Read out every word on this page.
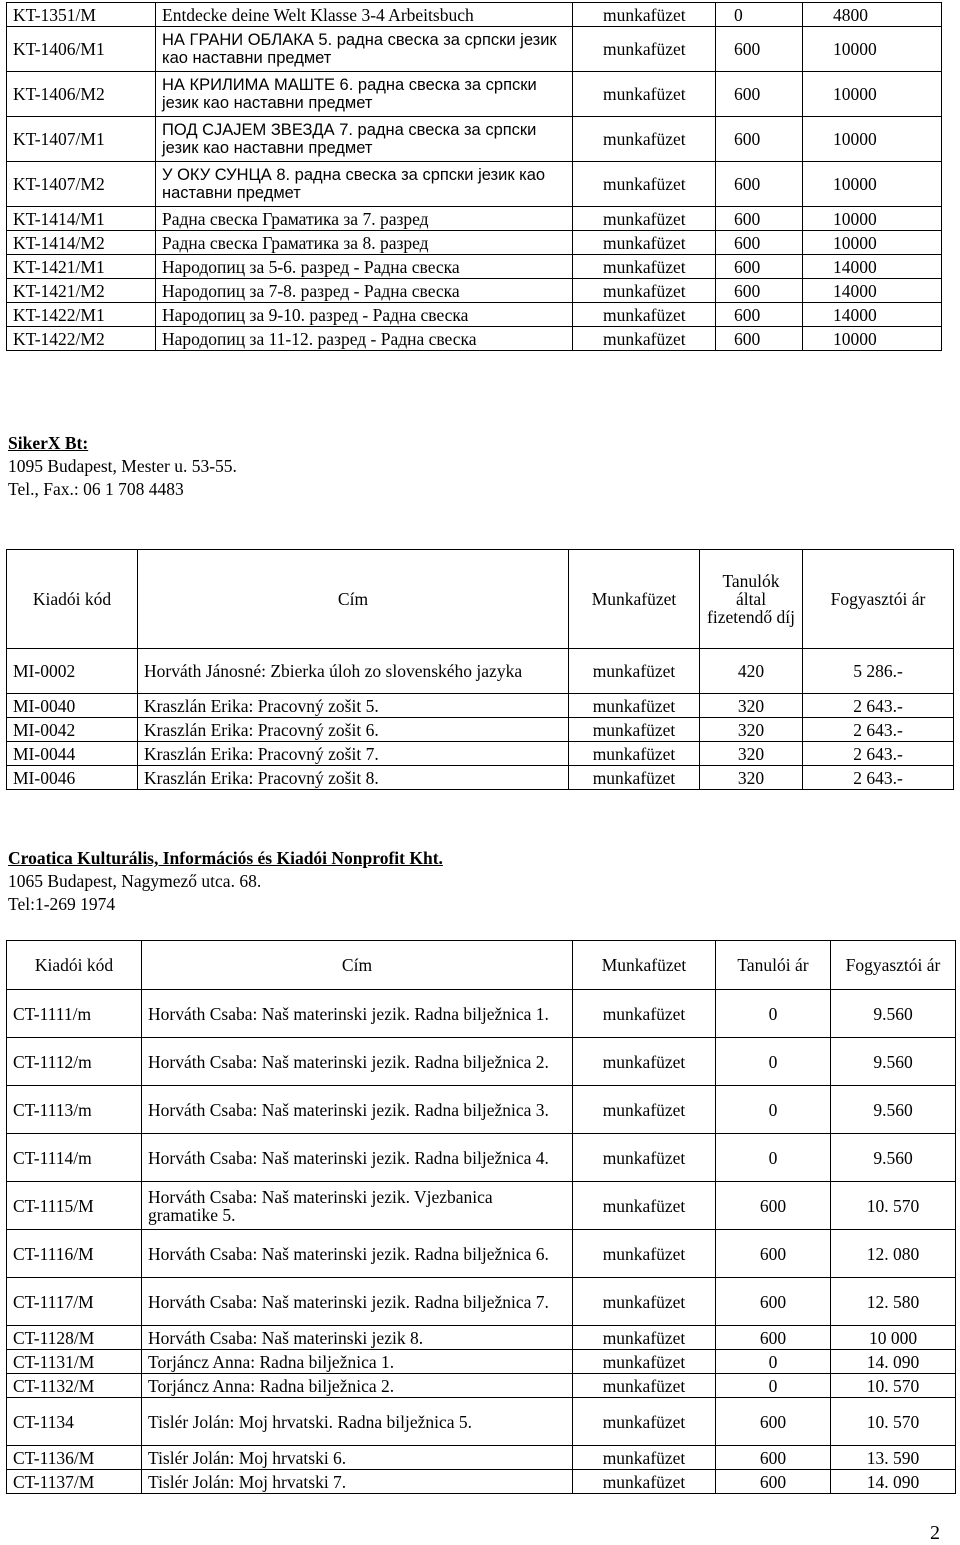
KT-1351/M	Entdecke deine Welt Klasse 3-4 Arbeitsbuch	munkafüzet	0	4800
KT-1406/M1	НА ГРАНИ ОБЛАКА 5. радна свеска за српски језик као наставни предмет	munkafüzet	600	10000
KT-1406/M2	НА КРИЛИМА МАШТЕ 6. радна свеска за српски језик као наставни предмет	munkafüzet	600	10000
KT-1407/M1	ПОД СЈАЈЕМ ЗВЕЗДА 7. радна свеска за српски језик као наставни предмет	munkafüzet	600	10000
KT-1407/M2	У ОКУ СУНЦА 8. радна свеска за српски језик као наставни предмет	munkafüzet	600	10000
KT-1414/M1	Радна свеска Граматика за 7. разред	munkafüzet	600	10000
KT-1414/M2	Радна свеска Граматика за 8. разред	munkafüzet	600	10000
KT-1421/M1	Народопиц за 5-6. разред - Радна свеска	munkafüzet	600	14000
KT-1421/M2	Народопиц за 7-8. разред - Радна свеска	munkafüzet	600	14000
KT-1422/M1	Народопиц за 9-10. разред - Радна свеска	munkafüzet	600	14000
KT-1422/M2	Народопиц за 11-12. разред - Радна свеска	munkafüzet	600	10000
SikerX Bt:
1095 Budapest, Mester u. 53-55.
Tel., Fax.: 06 1 708 4483
Kiadói kód	Cím	Munkafüzet	Tanulók által fizetendő díj	Fogyasztói ár
MI-0002	Horváth Jánosné: Zbierka úloh zo slovenského jazyka	munkafüzet	420	5 286.-
MI-0040	Kraszlán Erika: Pracovný zošit 5.	munkafüzet	320	2 643.-
MI-0042	Kraszlán Erika: Pracovný zošit 6.	munkafüzet	320	2 643.-
MI-0044	Kraszlán Erika: Pracovný zošit 7.	munkafüzet	320	2 643.-
MI-0046	Kraszlán Erika: Pracovný zošit 8.	munkafüzet	320	2 643.-
Croatica Kulturális, Információs és Kiadói Nonprofit Kht.
1065 Budapest, Nagymező utca. 68.
Tel:1-269 1974
Kiadói kód	Cím	Munkafüzet	Tanulói ár	Fogyasztói ár
CT-1111/m	Horváth Csaba: Naš materinski jezik. Radna bilježnica 1.	munkafüzet	0	9.560
CT-1112/m	Horváth Csaba: Naš materinski jezik. Radna bilježnica 2.	munkafüzet	0	9.560
CT-1113/m	Horváth Csaba: Naš materinski jezik. Radna bilježnica 3.	munkafüzet	0	9.560
CT-1114/m	Horváth Csaba: Naš materinski jezik. Radna bilježnica 4.	munkafüzet	0	9.560
CT-1115/M	Horváth Csaba: Naš materinski jezik. Vjezbanica gramatike 5.	munkafüzet	600	10. 570
CT-1116/M	Horváth Csaba: Naš materinski jezik. Radna bilježnica 6.	munkafüzet	600	12. 080
CT-1117/M	Horváth Csaba: Naš materinski jezik. Radna bilježnica 7.	munkafüzet	600	12. 580
CT-1128/M	Horváth Csaba: Naš materinski jezik 8.	munkafüzet	600	10 000
CT-1131/M	Torjáncz Anna: Radna bilježnica 1.	munkafüzet	0	14. 090
CT-1132/M	Torjáncz Anna: Radna bilježnica 2.	munkafüzet	0	10. 570
CT-1134	Tislér Jolán: Moj hrvatski. Radna bilježnica 5.	munkafüzet	600	10. 570
CT-1136/M	Tislér Jolán: Moj hrvatski 6.	munkafüzet	600	13. 590
CT-1137/M	Tislér Jolán: Moj hrvatski 7.	munkafüzet	600	14. 090
2
